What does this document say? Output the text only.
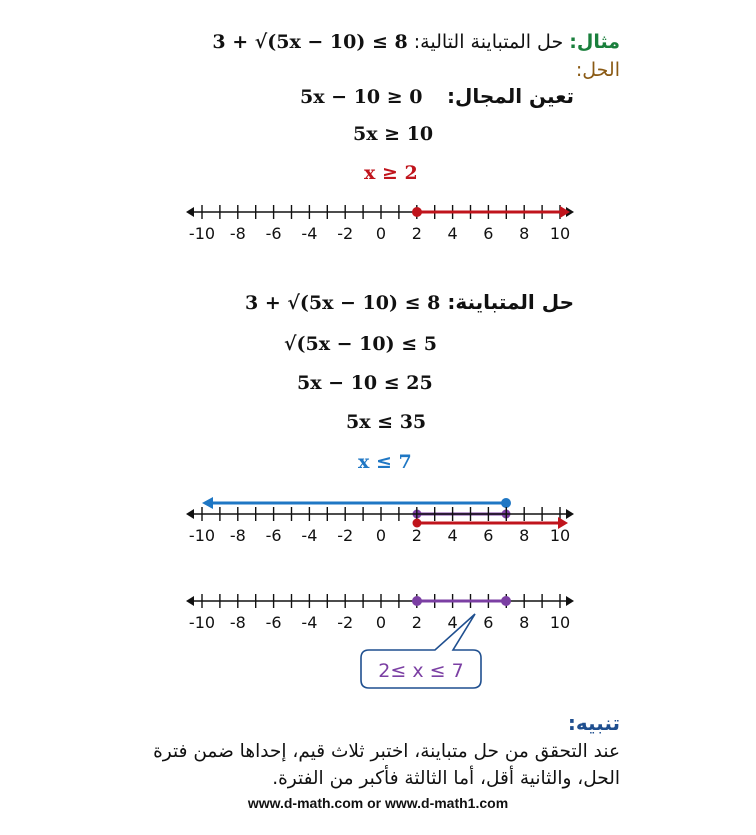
مثال: حل المتباينة التالية: 3 + √(5x − 10) ≤ 8
الحل:
تعين المجال:
5x − 10 ≥ 0
5x ≥ 10
x ≥ 2
-10 -8 -6 -4 -2 0 2 4 6 8 10
حل المتباينة:
3 + √(5x − 10) ≤ 8
√(5x − 10) ≤ 5
5x − 10 ≤ 25
5x ≤ 35
x ≤ 7
-10 -8 -6 -4 -2 0 2 4 6 8 10
-10 -8 -6 -4 -2 0 2 4 6 8 10
2≤ x ≤ 7
تنبيه:
عند التحقق من حل متباينة، اختبر ثلاث قيم، إحداها ضمن فترة الحل، والثانية أقل، أما الثالثة فأكبر من الفترة.
www.d-math.com or www.d-math1.com
